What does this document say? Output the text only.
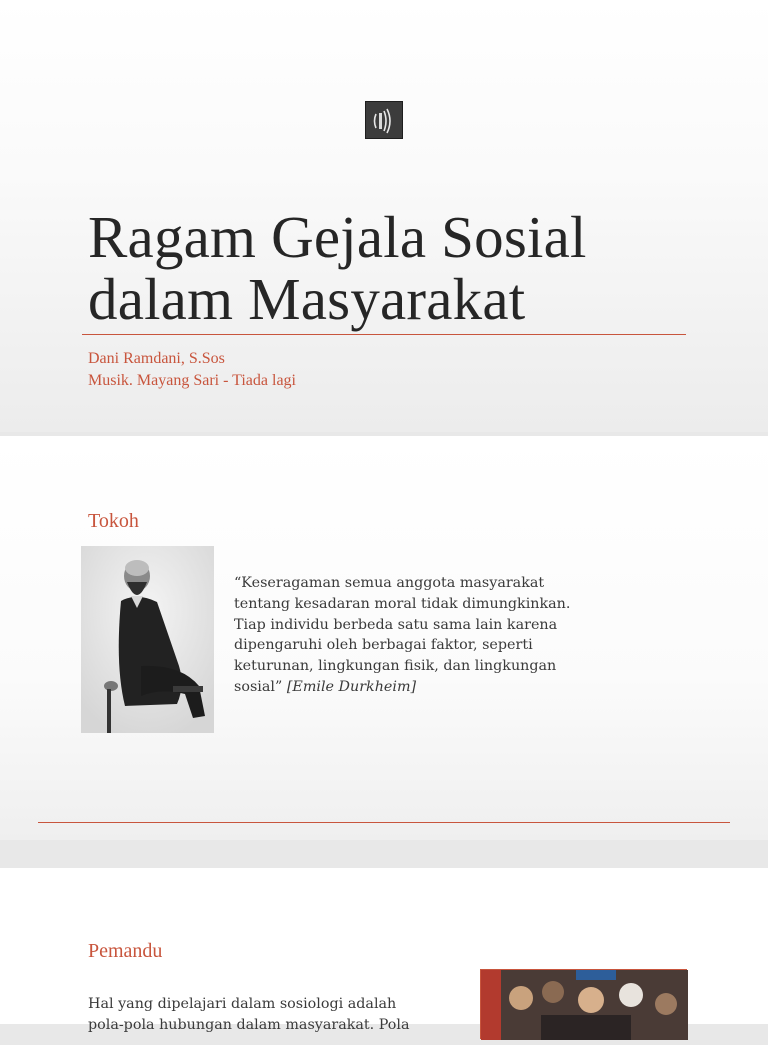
Ragam Gejala Sosial
dalam Masyarakat
Dani Ramdani, S.Sos
Musik. Mayang Sari - Tiada lagi
Tokoh
“Keseragaman semua anggota masyarakat tentang kesadaran moral tidak dimungkinkan. Tiap individu berbeda satu sama lain karena dipengaruhi oleh berbagai faktor, seperti keturunan, lingkungan fisik, dan lingkungan sosial” [Emile Durkheim]
Pemandu
Hal yang dipelajari dalam sosiologi adalah
pola-pola hubungan dalam masyarakat. Pola
